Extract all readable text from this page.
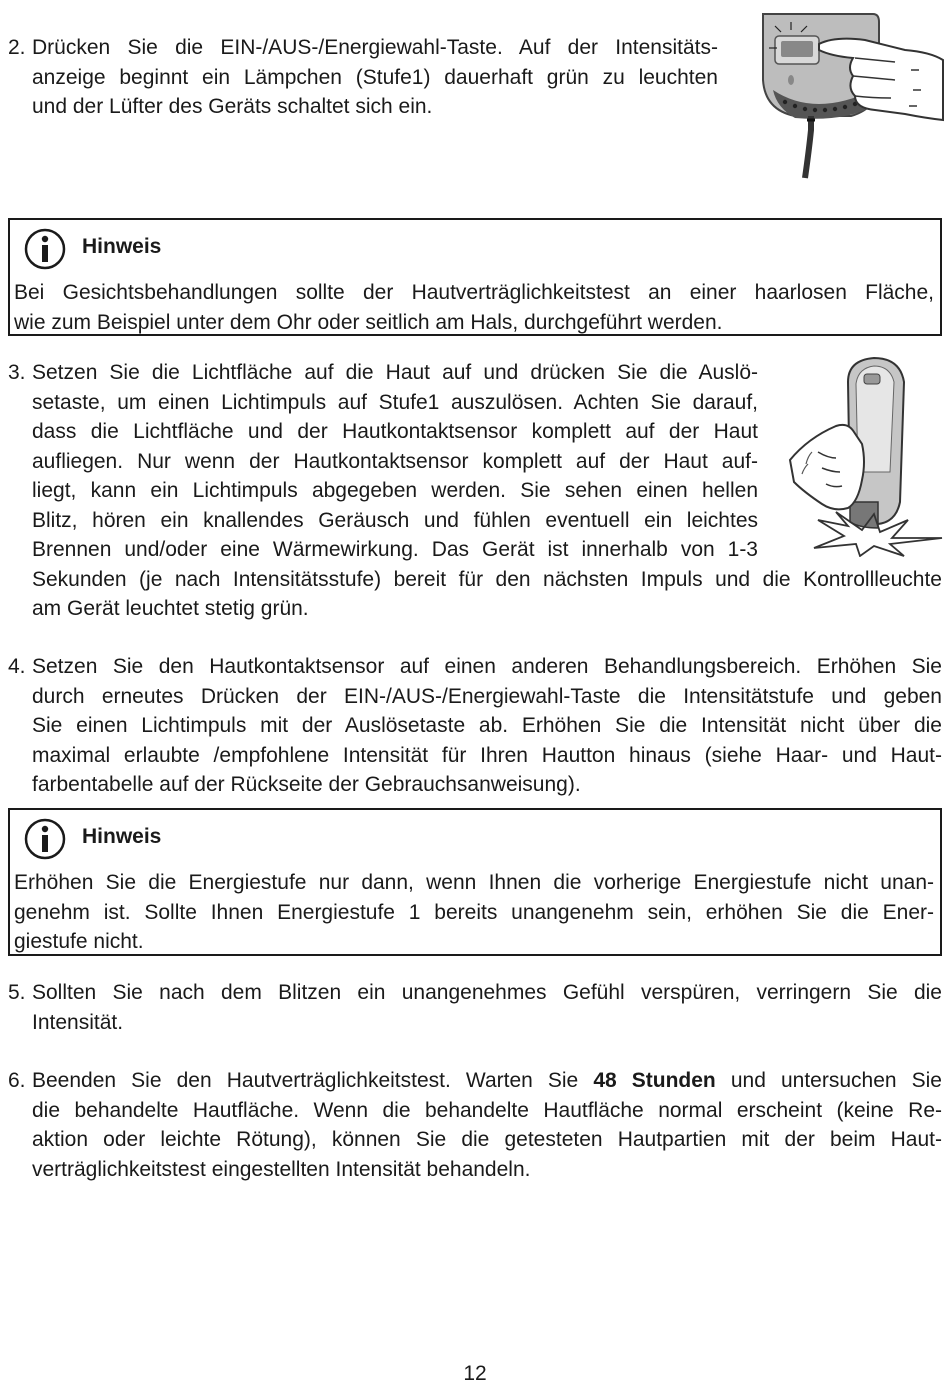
2. Drücken Sie die EIN-/AUS-/Energiewahl-Taste. Auf der Intensitäts-
anzeige beginnt ein Lämpchen (Stufe1) dauerhaft grün zu leuchten
und der Lüfter des Geräts schaltet sich ein.
Hinweis
Bei Gesichtsbehandlungen sollte der Hautverträglichkeitstest an einer haarlosen Fläche,
wie zum Beispiel unter dem Ohr oder seitlich am Hals, durchgeführt werden.
3. Setzen Sie die Lichtfläche auf die Haut auf und drücken Sie die Auslö-
setaste, um einen Lichtimpuls auf Stufe1 auszulösen. Achten Sie darauf,
dass die Lichtfläche und der Hautkontaktsensor komplett auf der Haut
aufliegen. Nur wenn der Hautkontaktsensor komplett auf der Haut auf-
liegt, kann ein Lichtimpuls abgegeben werden. Sie sehen einen hellen
Blitz, hören ein knallendes Geräusch und fühlen eventuell ein leichtes
Brennen und/oder eine Wärmewirkung. Das Gerät ist innerhalb von 1-3
Sekunden (je nach Intensitätsstufe) bereit für den nächsten Impuls und die Kontrollleuchte
am Gerät leuchtet stetig grün.
4. Setzen Sie den Hautkontaktsensor auf einen anderen Behandlungsbereich. Erhöhen Sie
durch erneutes Drücken der EIN-/AUS-/Energiewahl-Taste die Intensitätstufe und geben
Sie einen Lichtimpuls mit der Auslösetaste ab. Erhöhen Sie die Intensität nicht über die
maximal erlaubte /empfohlene Intensität für Ihren Hautton hinaus (siehe Haar- und Haut-
farbentabelle auf der Rückseite der Gebrauchsanweisung).
Hinweis
Erhöhen Sie die Energiestufe nur dann, wenn Ihnen die vorherige Energiestufe nicht unan-
genehm ist. Sollte Ihnen Energiestufe 1 bereits unangenehm sein, erhöhen Sie die Ener-
giestufe nicht.
5. Sollten Sie nach dem Blitzen ein unangenehmes Gefühl verspüren, verringern Sie die
Intensität.
6. Beenden Sie den Hautverträglichkeitstest. Warten Sie 48 Stunden und untersuchen Sie
die behandelte Hautfläche. Wenn die behandelte Hautfläche normal erscheint (keine Re-
aktion oder leichte Rötung), können Sie die getesteten Hautpartien mit der beim Haut-
verträglichkeitstest eingestellten Intensität behandeln.
12
